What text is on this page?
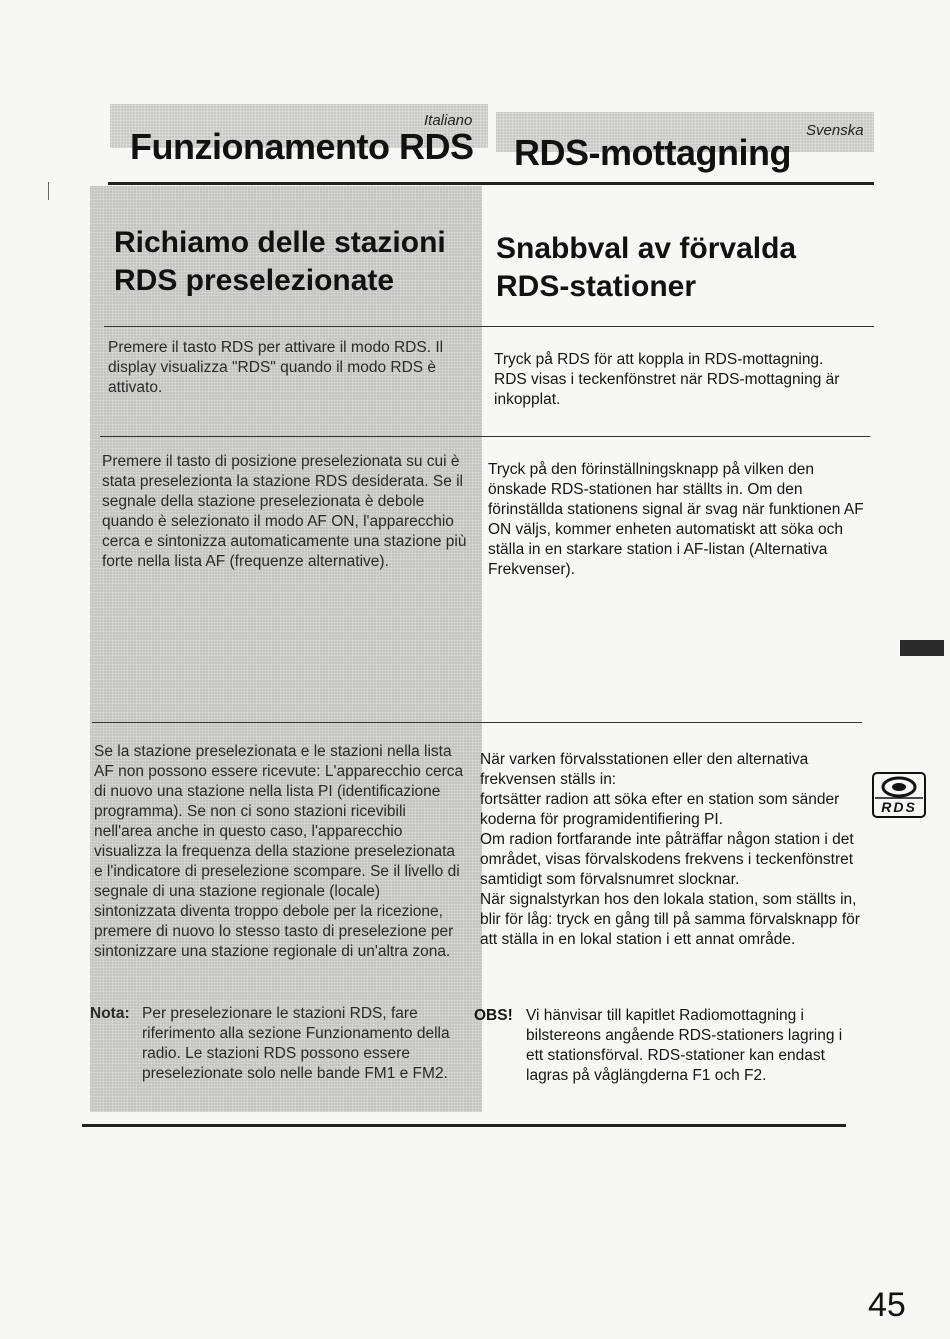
Italiano
Funzionamento RDS	Svenska
RDS-mottagning
Richiamo delle stazioni
RDS preselezionate
Snabbval av förvalda
RDS-stationer
Premere il tasto RDS per attivare il modo RDS. Il display visualizza "RDS" quando il modo RDS è attivato.
Premere il tasto di posizione preselezionata su cui è stata preselezionta la stazione RDS desiderata. Se il segnale della stazione preselezionata è debole quando è selezionato il modo AF ON, l'apparecchio cerca e sintonizza automaticamente una stazione più forte nella lista AF (frequenze alternative).
Se la stazione preselezionata e le stazioni nella lista AF non possono essere ricevute: L'apparecchio cerca di nuovo una stazione nella lista PI (identificazione programma). Se non ci sono stazioni ricevibili nell'area anche in questo caso, l'apparecchio visualizza la frequenza della stazione preselezionata e l'indicatore di preselezione scompare. Se il livello di segnale di una stazione regionale (locale) sintonizzata diventa troppo debole per la ricezione, premere di nuovo lo stesso tasto di preselezione per sintonizzare una stazione regionale di un'altra zona.
Nota: Per preselezionare le stazioni RDS, fare riferimento alla sezione Funzionamento della radio. Le stazioni RDS possono essere preselezionate solo nelle bande FM1 e FM2.
Tryck på RDS för att koppla in RDS-mottagning.
RDS visas i teckenfönstret när RDS-mottagning är inkopplat.
Tryck på den förinställningsknapp på vilken den önskade RDS-stationen har ställts in. Om den förinställda stationens signal är svag när funktionen AF ON väljs, kommer enheten automatiskt att söka och ställa in en starkare station i AF-listan (Alternativa Frekvenser).
När varken förvalsstationen eller den alternativa frekvensen ställs in:
fortsätter radion att söka efter en station som sänder koderna för programidentifiering PI.
Om radion fortfarande inte påträffar någon station i det området, visas förvalskodens frekvens i teckenfönstret samtidigt som förvalsnumret slocknar.
När signalstyrkan hos den lokala station, som ställts in, blir för låg: tryck en gång till på samma förvalsknapp för att ställa in en lokal station i ett annat område.
OBS! Vi hänvisar till kapitlet Radiomottagning i bilstereons angående RDS-stationers lagring i ett stationsförval. RDS-stationer kan endast lagras på våglängderna F1 och F2.
RDS
45
